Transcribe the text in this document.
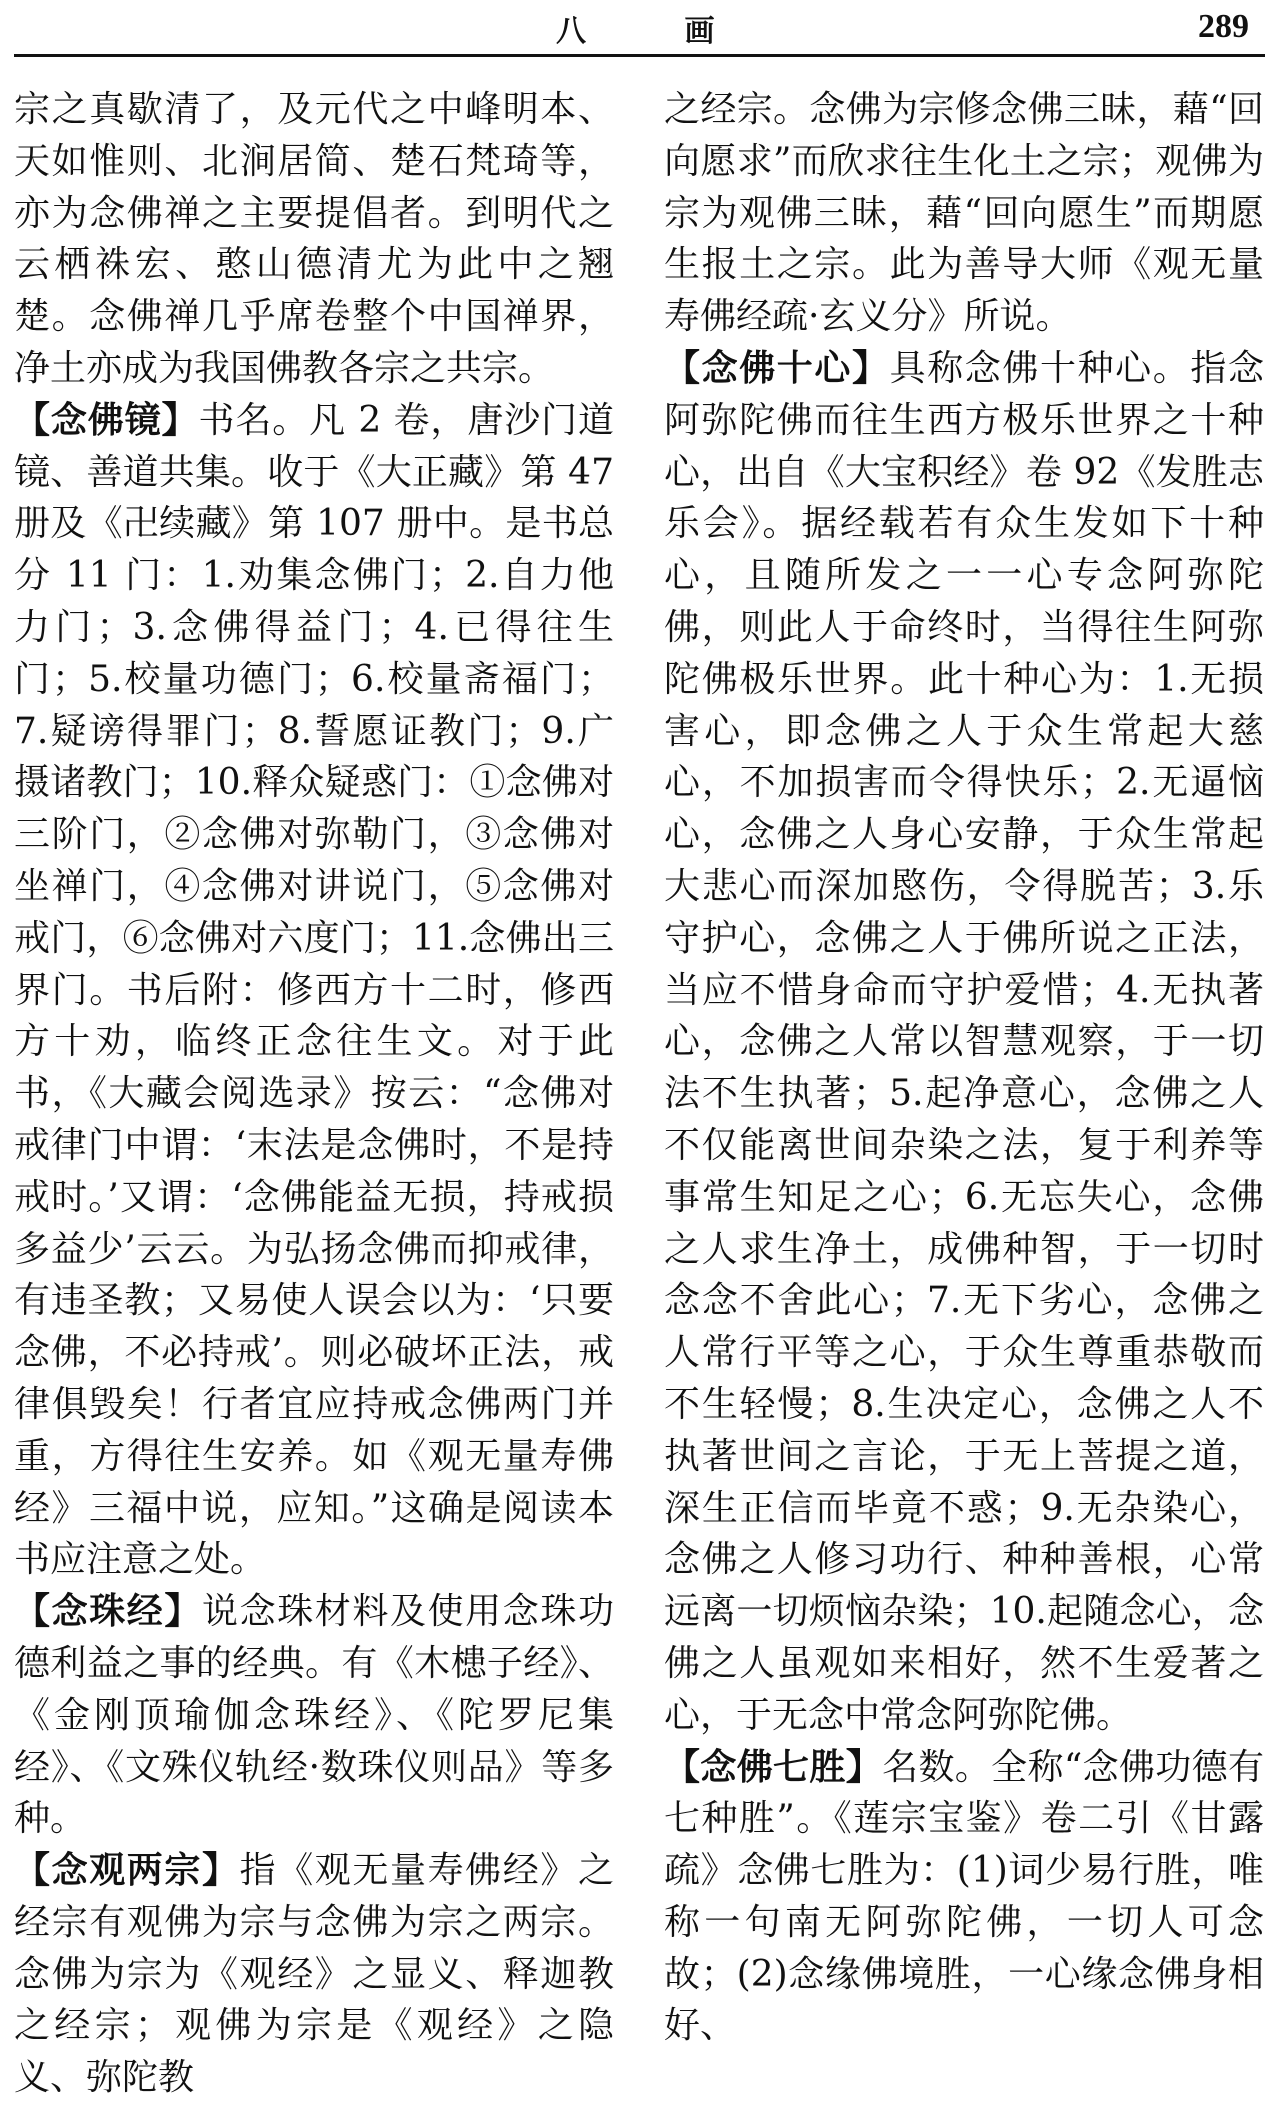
八 画	289

宗之真歇清了，及元代之中峰明本、天如惟则、北涧居简、楚石梵琦等，亦为念佛禅之主要提倡者。到明代之云栖袾宏、憨山德清尤为此中之翘楚。念佛禅几乎席卷整个中国禅界，净土亦成为我国佛教各宗之共宗。

【念佛镜】书名。凡 2 卷，唐沙门道镜、善道共集。收于《大正藏》第 47 册及《卍续藏》第 107 册中。是书总分 11 门：1.劝集念佛门；2.自力他力门；3.念佛得益门；4.已得往生门；5.校量功德门；6.校量斋福门；7.疑谤得罪门；8.誓愿证教门；9.广摄诸教门；10.释众疑惑门：①念佛对三阶门，②念佛对弥勒门，③念佛对坐禅门，④念佛对讲说门，⑤念佛对戒门，⑥念佛对六度门；11.念佛出三界门。书后附：修西方十二时，修西方十劝，临终正念往生文。对于此书，《大藏会阅选录》按云：“念佛对戒律门中谓：‘末法是念佛时，不是持戒时。’又谓：‘念佛能益无损，持戒损多益少’云云。为弘扬念佛而抑戒律，有违圣教；又易使人误会以为：‘只要念佛，不必持戒’。则必破坏正法，戒律俱毁矣！行者宜应持戒念佛两门并重，方得往生安养。如《观无量寿佛经》三福中说，应知。”这确是阅读本书应注意之处。

【念珠经】说念珠材料及使用念珠功德利益之事的经典。有《木槵子经》、《金刚顶瑜伽念珠经》、《陀罗尼集经》、《文殊仪轨经·数珠仪则品》等多种。

【念观两宗】指《观无量寿佛经》之经宗有观佛为宗与念佛为宗之两宗。念佛为宗为《观经》之显义、释迦教之经宗；观佛为宗是《观经》之隐义、弥陀教

之经宗。念佛为宗修念佛三昧，藉“回向愿求”而欣求往生化土之宗；观佛为宗为观佛三昧，藉“回向愿生”而期愿生报土之宗。此为善导大师《观无量寿佛经疏·玄义分》所说。

【念佛十心】具称念佛十种心。指念阿弥陀佛而往生西方极乐世界之十种心，出自《大宝积经》卷 92《发胜志乐会》。据经载若有众生发如下十种心，且随所发之一一心专念阿弥陀佛，则此人于命终时，当得往生阿弥陀佛极乐世界。此十种心为：1.无损害心，即念佛之人于众生常起大慈心，不加损害而令得快乐；2.无逼恼心，念佛之人身心安静，于众生常起大悲心而深加愍伤，令得脱苦；3.乐守护心，念佛之人于佛所说之正法，当应不惜身命而守护爱惜；4.无执著心，念佛之人常以智慧观察，于一切法不生执著；5.起净意心，念佛之人不仅能离世间杂染之法，复于利养等事常生知足之心；6.无忘失心，念佛之人求生净土，成佛种智，于一切时念念不舍此心；7.无下劣心，念佛之人常行平等之心，于众生尊重恭敬而不生轻慢；8.生决定心，念佛之人不执著世间之言论，于无上菩提之道，深生正信而毕竟不惑；9.无杂染心，念佛之人修习功行、种种善根，心常远离一切烦恼杂染；10.起随念心，念佛之人虽观如来相好，然不生爱著之心，于无念中常念阿弥陀佛。

【念佛七胜】名数。全称“念佛功德有七种胜”。《莲宗宝鉴》卷二引《甘露疏》念佛七胜为：(1)词少易行胜，唯称一句南无阿弥陀佛，一切人可念故；(2)念缘佛境胜，一心缘念佛身相好、
